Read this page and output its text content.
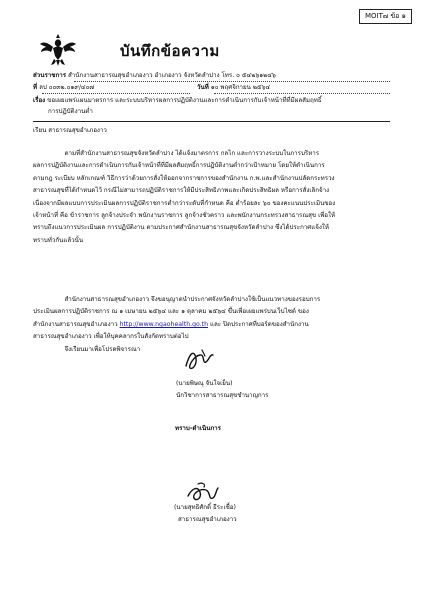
MOIT๗ ข้อ ๑
บันทึกข้อความ
ส่วนราชการ สำนักงานสาธารณสุขอำเภองาว อำเภองาว จังหวัดลำปาง โทร. ๐ ๕๔๒๖๑๒๔๖
ที่ ลป ๐๐๓๒.๐๑๙/๔๐๗	วันที่ ๑๐ พฤศจิกายน ๒๕๖๔
เรื่อง ขอเผยแพร่แผนมาตรการ และระบบบริหารผลการปฏิบัติงานและการดำเนินการกับเจ้าหน้าที่ที่มีผลสัมฤทธิ์
การปฏิบัติงานต่ำ
เรียน สาธารณสุขอำเภองาว
ตามที่สำนักงานสาธารณสุขจังหวัดลำปาง ได้แจ้งมาตรการ กลไก และการวางระบบในการบริหาร
ผลการปฏิบัติงานและการดำเนินการกับเจ้าหน้าที่ที่มีผลสัมฤทธิ์การปฏิบัติงานต่ำกว่าเป้าหมาย โดยให้ดำเนินการ
ตามกฎ ระเบียบ หลักเกณฑ์ วิธีการว่าด้วยการสั่งให้ออกจากราชการของสำนักงาน ก.พ.และสำนักงานปลัดกระทรวง
สาธารณสุขที่ได้กำหนดไว้ กรณีไม่สามารถปฏิบัติราชการให้มีประสิทธิภาพและเกิดประสิทธิผล หรือการสั่งเลิกจ้าง
เนื่องจากมีผลแบบการประเมินผลการปฏิบัติราชการต่ำกว่าระดับที่กำหนด คือ ต่ำร้อยละ ๖๐ ของคะแนนประเมินของ
เจ้าหน้าที่ คือ ข้าราชการ ลูกจ้างประจำ พนักงานราชการ ลูกจ้างชั่วคราว และพนักงานกระทรวงสาธารณสุข เพื่อให้
ทราบถึงแนวการประเมินผล การปฏิบัติงาน ตามประกาศสำนักงานสาธารณสุขจังหวัดลำปาง ซึ่งได้ประกาศแจ้งให้
ทราบทั่วกันแล้วนั้น
สำนักงานสาธารณสุขอำเภองาว จึงขอนุญาตนำประกาศจังหวัดลำปางใช้เป็นแนวทางของรอบการ
ประเมินผลการปฏิบัติราชการ ณ ๑ เมษายน ๒๕๖๔ และ ๑ ตุลาคม ๒๕๖๔ ขึ้นเพื่อเผยแพร่บนเว็บไซต์ ของ
สำนักงานสาธารณสุขอำเภองาว http://www.ngaohealth.go.th และ ปิดประกาศที่บอร์ดของสำนักงาน
สาธารณสุขอำเภองาว เพื่อให้บุคคลากรในสังกัดทราบต่อไป
จึงเรียนมาเพื่อโปรดพิจารณา
(นายพิษณุ จันใจเย็น)
นักวิชาการสาธารณสุขชำนาญการ
ทราบ-ดำเนินการ
(นายสุทธิศักดิ์ ธีระเชื้อ)
สาธารณสุขอำเภองาว
